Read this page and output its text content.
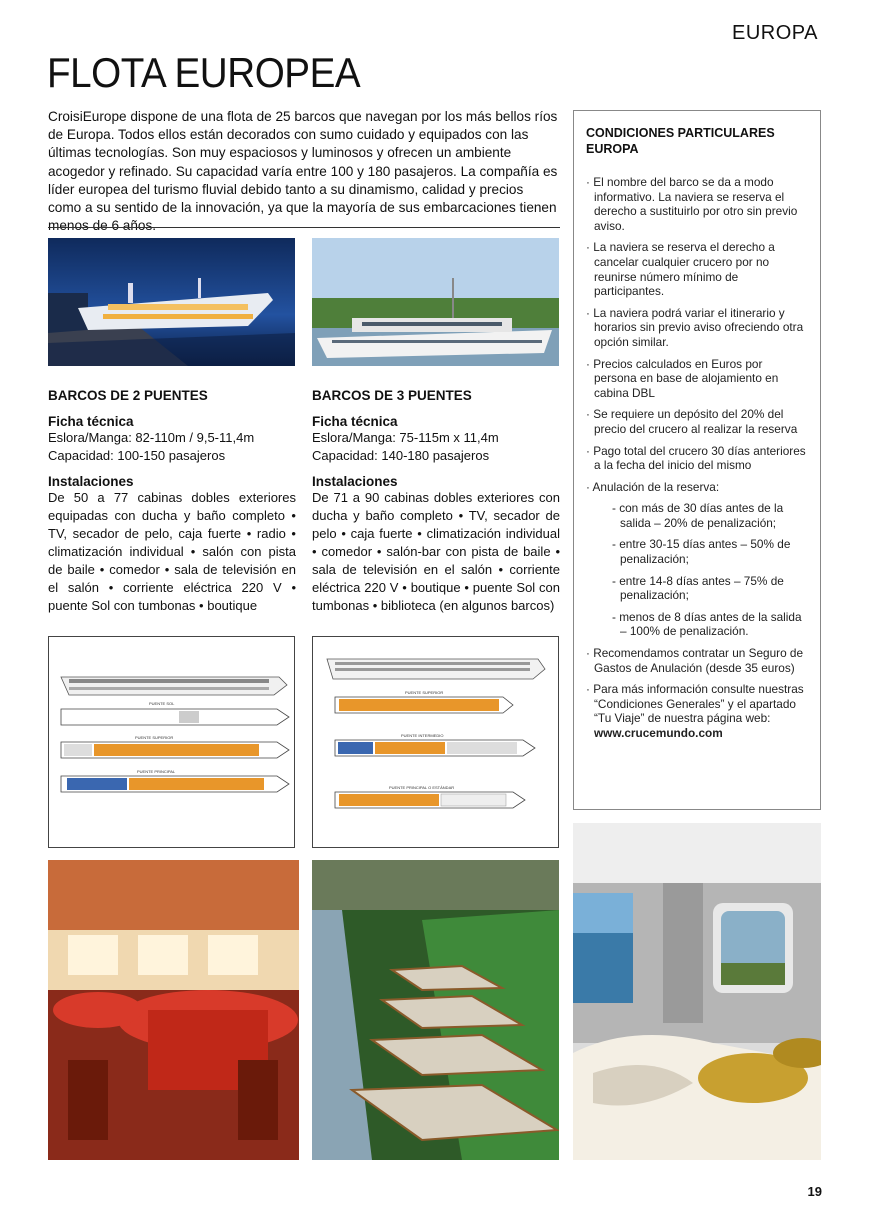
EUROPA
FLOTA EUROPEA

CroisiEurope dispone de una flota de 25 barcos que navegan por los más bellos ríos de Europa. Todos ellos están decorados con sumo cuidado y equipados con las últimas tecnologías. Son muy espaciosos y luminosos y ofrecen un ambiente acogedor y refinado. Su capacidad varía entre 100 y 180 pasajeros. La compañía es líder europea del turismo fluvial debido tanto a su dinamismo, calidad y precios como a su sentido de la innovación, ya que la mayoría de sus embarcaciones tienen menos de 6 años.

BARCOS DE 2 PUENTES

Ficha técnica

Eslora/Manga: 82-110m / 9,5-11,4m

Capacidad: 100-150 pasajeros

Instalaciones

De 50 a 77 cabinas dobles exteriores equipadas con ducha y baño completo • TV, secador de pelo, caja fuerte • radio • climatización individual • salón con pista de baile • comedor • sala de televisión en el salón • corriente eléctrica 220 V • puente Sol con tumbonas • boutique

BARCOS DE 3 PUENTES

Ficha técnica

Eslora/Manga: 75-115m x 11,4m

Capacidad: 140-180 pasajeros

Instalaciones

De 71 a 90 cabinas dobles exteriores con ducha y baño completo • TV, secador de pelo • caja fuerte • climatización individual • comedor • salón-bar con pista de baile • sala de televisión en el salón • corriente eléctrica 220 V • boutique • puente Sol con tumbonas • biblioteca (en algunos barcos)

CONDICIONES PARTICULARES EUROPA
· El nombre del barco se da a modo informativo. La naviera se reserva el derecho a sustituirlo por otro sin previo aviso.
· La naviera se reserva el derecho a cancelar cualquier crucero por no reunirse número mínimo de participantes.
· La naviera podrá variar el itinerario y horarios sin previo aviso ofreciendo otra opción similar.
· Precios calculados en Euros por persona en base de alojamiento en cabina DBL
· Se requiere un depósito del 20% del precio del crucero al realizar la reserva
· Pago total del crucero 30 días anteriores a la fecha del inicio del mismo
· Anulación de la reserva:
- con más de 30 días antes de la salida – 20% de penalización;
- entre 30-15 días antes – 50% de penalización;
- entre 14-8 días antes – 75% de penalización;
- menos de 8 días antes de la salida – 100% de penalización.
· Recomendamos contratar un Seguro de Gastos de Anulación (desde 35 euros)
· Para más información consulte nuestras “Condiciones Generales” y el apartado “Tu Viaje” de nuestra página web: www.crucemundo.com
PUENTE SOL
PUENTE SUPERIOR
PUENTE PRINCIPAL
PUENTE SUPERIOR
PUENTE INTERMEDIO
PUENTE PRINCIPAL O ESTÁNDAR
19
